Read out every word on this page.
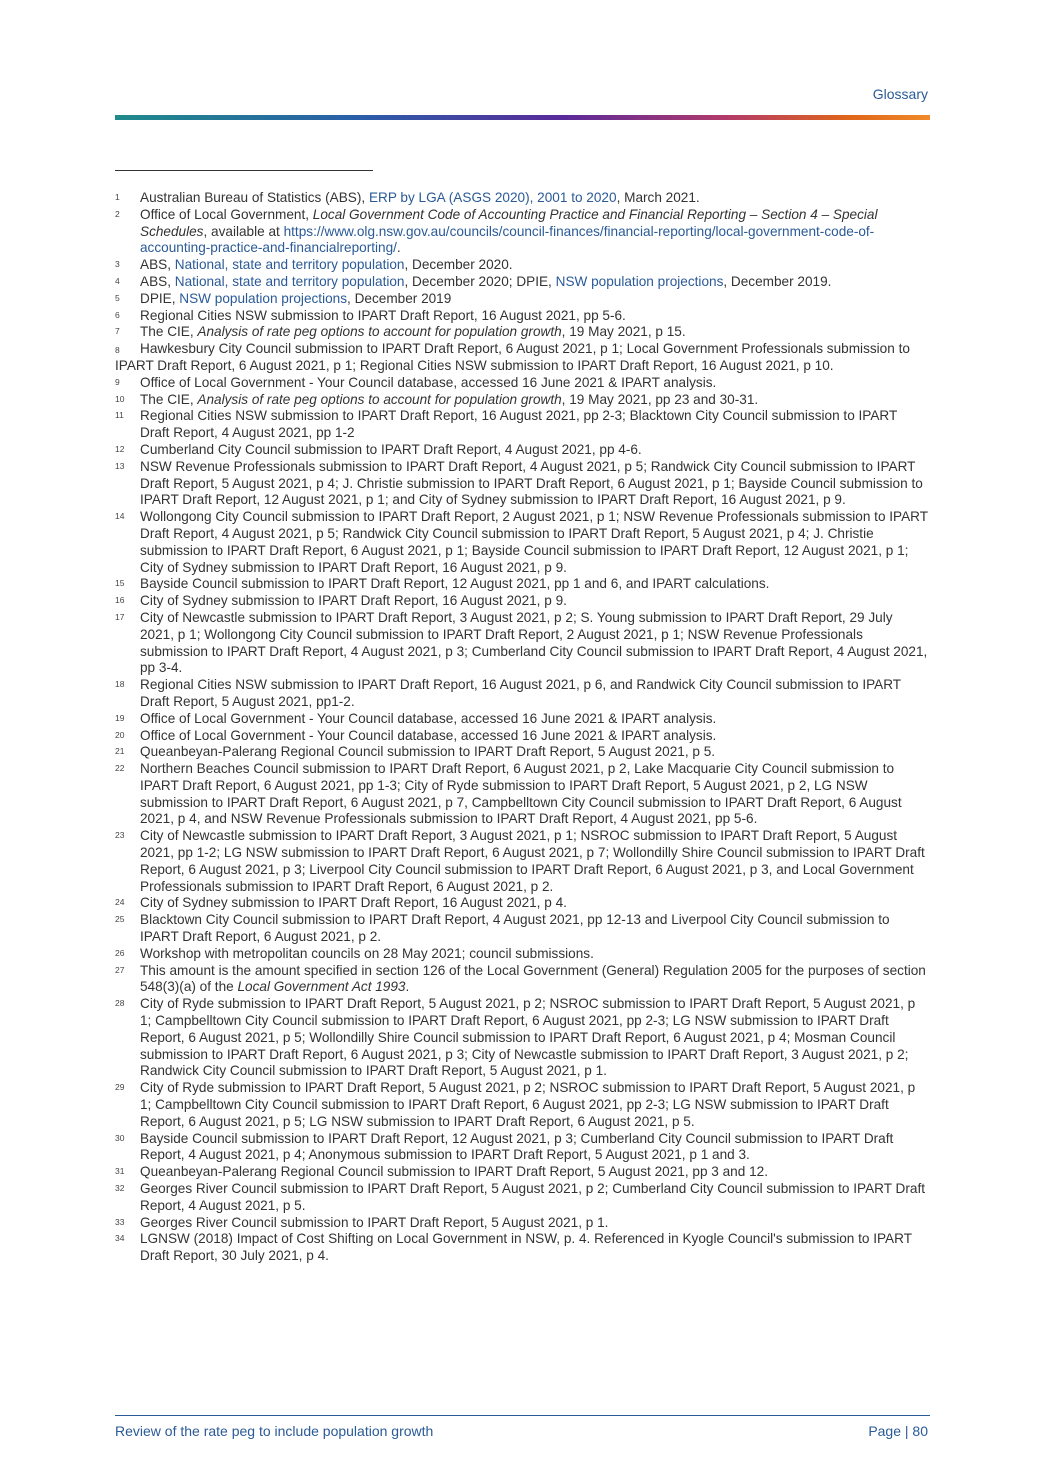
Glossary
1	Australian Bureau of Statistics (ABS), ERP by LGA (ASGS 2020), 2001 to 2020, March 2021.
2	Office of Local Government, Local Government Code of Accounting Practice and Financial Reporting – Section 4 – Special Schedules, available at https://www.olg.nsw.gov.au/councils/council-finances/financial-reporting/local-government-code-of-accounting-practice-and-financialreporting/.
3	ABS, National, state and territory population, December 2020.
4	ABS, National, state and territory population, December 2020; DPIE, NSW population projections, December 2019.
5	DPIE, NSW population projections, December 2019
6	Regional Cities NSW submission to IPART Draft Report, 16 August 2021, pp 5-6.
7	The CIE, Analysis of rate peg options to account for population growth, 19 May 2021, p 15.
8 Hawkesbury City Council submission to IPART Draft Report, 6 August 2021, p 1; Local Government Professionals submission to IPART Draft Report, 6 August 2021, p 1; Regional Cities NSW submission to IPART Draft Report, 16 August 2021, p 10.
9	Office of Local Government - Your Council database, accessed 16 June 2021 & IPART analysis.
10	The CIE, Analysis of rate peg options to account for population growth, 19 May 2021, pp 23 and 30-31.
11	Regional Cities NSW submission to IPART Draft Report, 16 August 2021, pp 2-3; Blacktown City Council submission to IPART Draft Report, 4 August 2021, pp 1-2
12	Cumberland City Council submission to IPART Draft Report, 4 August 2021, pp 4-6.
13	NSW Revenue Professionals submission to IPART Draft Report, 4 August 2021, p 5; Randwick City Council submission to IPART Draft Report, 5 August 2021, p 4; J. Christie submission to IPART Draft Report, 6 August 2021, p 1; Bayside Council submission to IPART Draft Report, 12 August 2021, p 1; and City of Sydney submission to IPART Draft Report, 16 August 2021, p 9.
14	Wollongong City Council submission to IPART Draft Report, 2 August 2021, p 1; NSW Revenue Professionals submission to IPART Draft Report, 4 August 2021, p 5; Randwick City Council submission to IPART Draft Report, 5 August 2021, p 4; J. Christie submission to IPART Draft Report, 6 August 2021, p 1; Bayside Council submission to IPART Draft Report, 12 August 2021, p 1; City of Sydney submission to IPART Draft Report, 16 August 2021, p 9.
15	Bayside Council submission to IPART Draft Report, 12 August 2021, pp 1 and 6, and IPART calculations.
16	City of Sydney submission to IPART Draft Report, 16 August 2021, p 9.
17	City of Newcastle submission to IPART Draft Report, 3 August 2021, p 2; S. Young submission to IPART Draft Report, 29 July 2021, p 1; Wollongong City Council submission to IPART Draft Report, 2 August 2021, p 1; NSW Revenue Professionals submission to IPART Draft Report, 4 August 2021, p 3; Cumberland City Council submission to IPART Draft Report, 4 August 2021, pp 3-4.
18	Regional Cities NSW submission to IPART Draft Report, 16 August 2021, p 6, and Randwick City Council submission to IPART Draft Report, 5 August 2021, pp1-2.
19	Office of Local Government - Your Council database, accessed 16 June 2021 & IPART analysis.
20	Office of Local Government - Your Council database, accessed 16 June 2021 & IPART analysis.
21	Queanbeyan-Palerang Regional Council submission to IPART Draft Report, 5 August 2021, p 5.
22	Northern Beaches Council submission to IPART Draft Report, 6 August 2021, p 2, Lake Macquarie City Council submission to IPART Draft Report, 6 August 2021, pp 1-3; City of Ryde submission to IPART Draft Report, 5 August 2021, p 2, LG NSW submission to IPART Draft Report, 6 August 2021, p 7, Campbelltown City Council submission to IPART Draft Report, 6 August 2021, p 4, and NSW Revenue Professionals submission to IPART Draft Report, 4 August 2021, pp 5-6.
23	City of Newcastle submission to IPART Draft Report, 3 August 2021, p 1; NSROC submission to IPART Draft Report, 5 August 2021, pp 1-2; LG NSW submission to IPART Draft Report, 6 August 2021, p 7; Wollondilly Shire Council submission to IPART Draft Report, 6 August 2021, p 3; Liverpool City Council submission to IPART Draft Report, 6 August 2021, p 3, and Local Government Professionals submission to IPART Draft Report, 6 August 2021, p 2.
24	City of Sydney submission to IPART Draft Report, 16 August 2021, p 4.
25	Blacktown City Council submission to IPART Draft Report, 4 August 2021, pp 12-13 and Liverpool City Council submission to IPART Draft Report, 6 August 2021, p 2.
26	Workshop with metropolitan councils on 28 May 2021; council submissions.
27	This amount is the amount specified in section 126 of the Local Government (General) Regulation 2005 for the purposes of section 548(3)(a) of the Local Government Act 1993.
28	City of Ryde submission to IPART Draft Report, 5 August 2021, p 2; NSROC submission to IPART Draft Report, 5 August 2021, p 1; Campbelltown City Council submission to IPART Draft Report, 6 August 2021, pp 2-3; LG NSW submission to IPART Draft Report, 6 August 2021, p 5; Wollondilly Shire Council submission to IPART Draft Report, 6 August 2021, p 4; Mosman Council submission to IPART Draft Report, 6 August 2021, p 3; City of Newcastle submission to IPART Draft Report, 3 August 2021, p 2; Randwick City Council submission to IPART Draft Report, 5 August 2021, p 1.
29	City of Ryde submission to IPART Draft Report, 5 August 2021, p 2; NSROC submission to IPART Draft Report, 5 August 2021, p 1; Campbelltown City Council submission to IPART Draft Report, 6 August 2021, pp 2-3; LG NSW submission to IPART Draft Report, 6 August 2021, p 5; LG NSW submission to IPART Draft Report, 6 August 2021, p 5.
30	Bayside Council submission to IPART Draft Report, 12 August 2021, p 3; Cumberland City Council submission to IPART Draft Report, 4 August 2021, p 4; Anonymous submission to IPART Draft Report, 5 August 2021, p 1 and 3.
31	Queanbeyan-Palerang Regional Council submission to IPART Draft Report, 5 August 2021, pp 3 and 12.
32	Georges River Council submission to IPART Draft Report, 5 August 2021, p 2; Cumberland City Council submission to IPART Draft Report, 4 August 2021, p 5.
33	Georges River Council submission to IPART Draft Report, 5 August 2021, p 1.
34	LGNSW (2018) Impact of Cost Shifting on Local Government in NSW, p. 4. Referenced in Kyogle Council's submission to IPART Draft Report, 30 July 2021, p 4.
Review of the rate peg to include population growth	Page | 80
